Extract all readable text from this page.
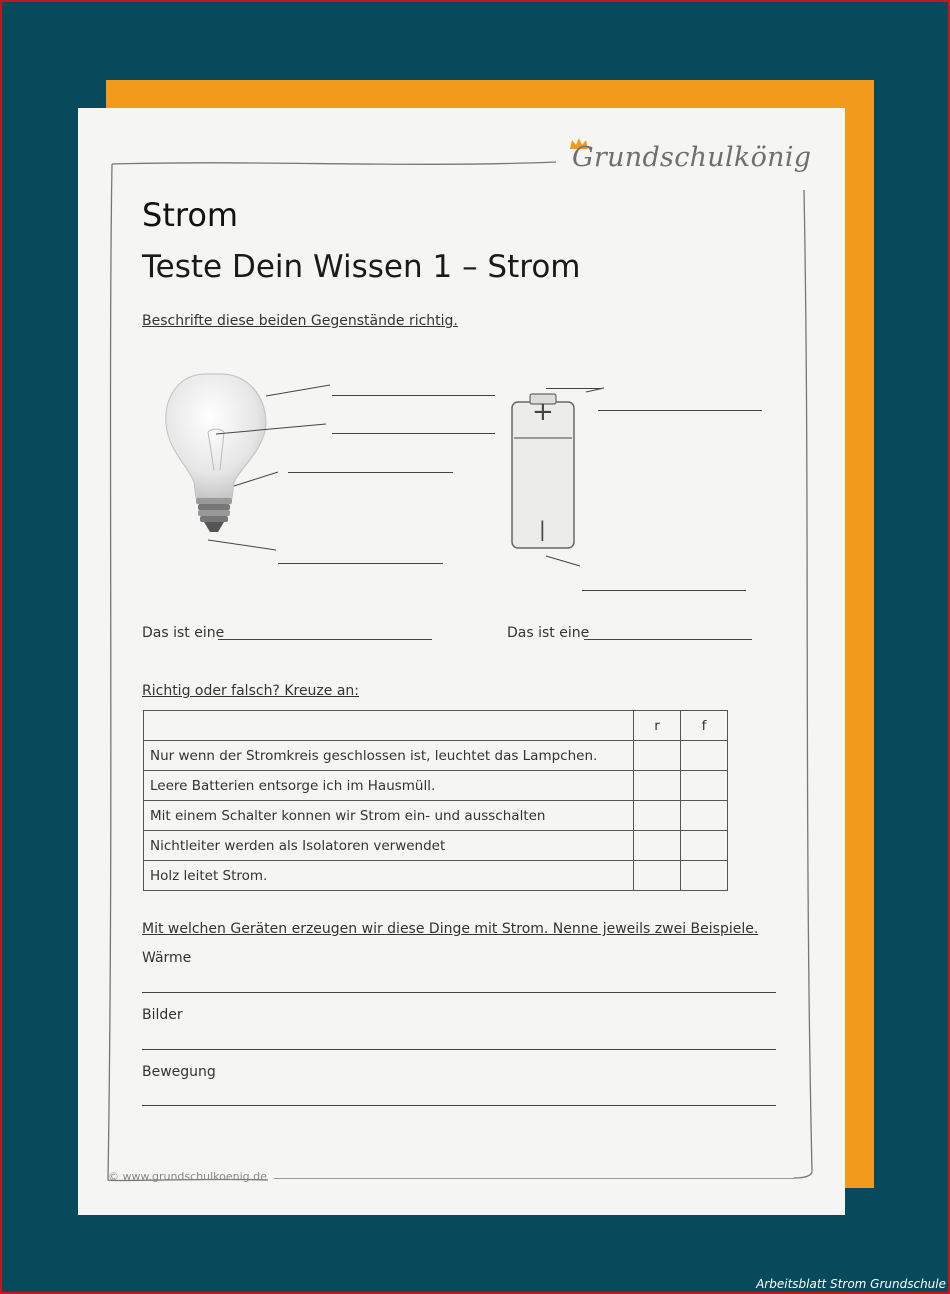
Grundschulkönig
Strom
Teste Dein Wissen 1 – Strom
Beschrifte diese beiden Gegenstände richtig.
+
|
Das ist eine	Das ist eine
Richtig oder falsch? Kreuze an:
	r	f
Nur wenn der Stromkreis geschlossen ist, leuchtet das Lampchen.		
Leere Batterien entsorge ich im Hausmüll.		
Mit einem Schalter konnen wir Strom ein- und ausschalten		
Nichtleiter werden als Isolatoren verwendet		
Holz leitet Strom.		
Mit welchen Geräten erzeugen wir diese Dinge mit Strom. Nenne jeweils zwei Beispiele.
Wärme
Bilder
Bewegung
© www.grundschulkoenig.de
Arbeitsblatt Strom Grundschule
